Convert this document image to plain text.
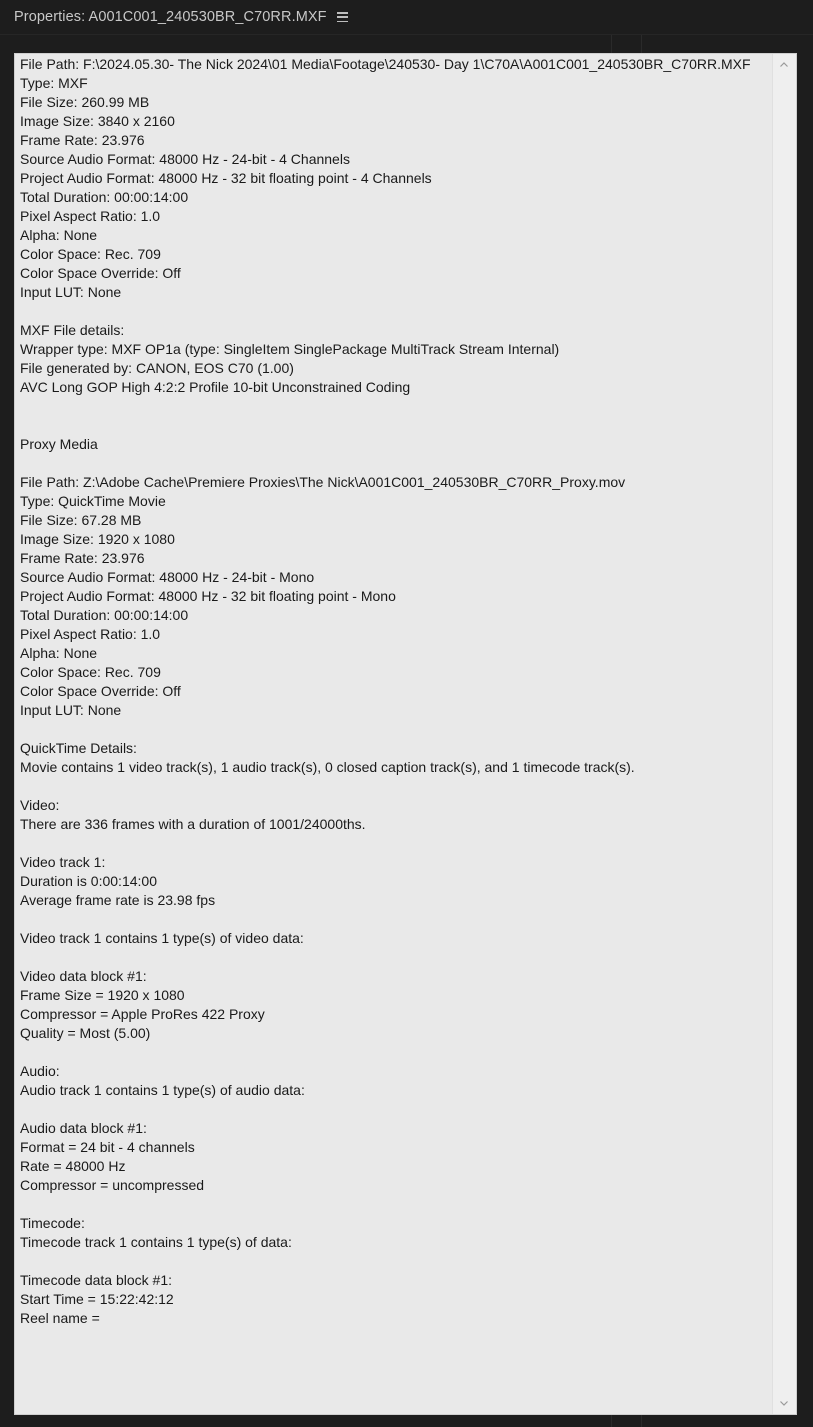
Properties: A001C001_240530BR_C70RR.MXF
File Path: F:\2024.05.30- The Nick 2024\01 Media\Footage\240530- Day 1\C70A\A001C001_240530BR_C70RR.MXF
Type: MXF
File Size: 260.99 MB
Image Size: 3840 x 2160
Frame Rate: 23.976
Source Audio Format: 48000 Hz - 24-bit - 4 Channels
Project Audio Format: 48000 Hz - 32 bit floating point - 4 Channels
Total Duration: 00:00:14:00
Pixel Aspect Ratio: 1.0
Alpha: None
Color Space: Rec. 709
Color Space Override: Off
Input LUT: None
MXF File details:
Wrapper type: MXF OP1a (type: SingleItem SinglePackage MultiTrack Stream Internal)
File generated by: CANON, EOS C70 (1.00)
AVC Long GOP High 4:2:2 Profile 10-bit Unconstrained Coding
Proxy Media
File Path: Z:\Adobe Cache\Premiere Proxies\The Nick\A001C001_240530BR_C70RR_Proxy.mov
Type: QuickTime Movie
File Size: 67.28 MB
Image Size: 1920 x 1080
Frame Rate: 23.976
Source Audio Format: 48000 Hz - 24-bit - Mono
Project Audio Format: 48000 Hz - 32 bit floating point - Mono
Total Duration: 00:00:14:00
Pixel Aspect Ratio: 1.0
Alpha: None
Color Space: Rec. 709
Color Space Override: Off
Input LUT: None
QuickTime Details:
Movie contains 1 video track(s), 1 audio track(s), 0 closed caption track(s), and 1 timecode track(s).
Video:
There are 336 frames with a duration of 1001/24000ths.
Video track 1:
Duration is 0:00:14:00
Average frame rate is 23.98 fps
Video track 1 contains 1 type(s) of video data:
Video data block #1:
Frame Size = 1920 x 1080
Compressor = Apple ProRes 422 Proxy
Quality = Most (5.00)
Audio:
Audio track 1 contains 1 type(s) of audio data:
Audio data block #1:
Format = 24 bit - 4 channels
Rate = 48000 Hz
Compressor = uncompressed
Timecode:
Timecode track 1 contains 1 type(s) of data:
Timecode data block #1:
Start Time = 15:22:42:12
Reel name =
